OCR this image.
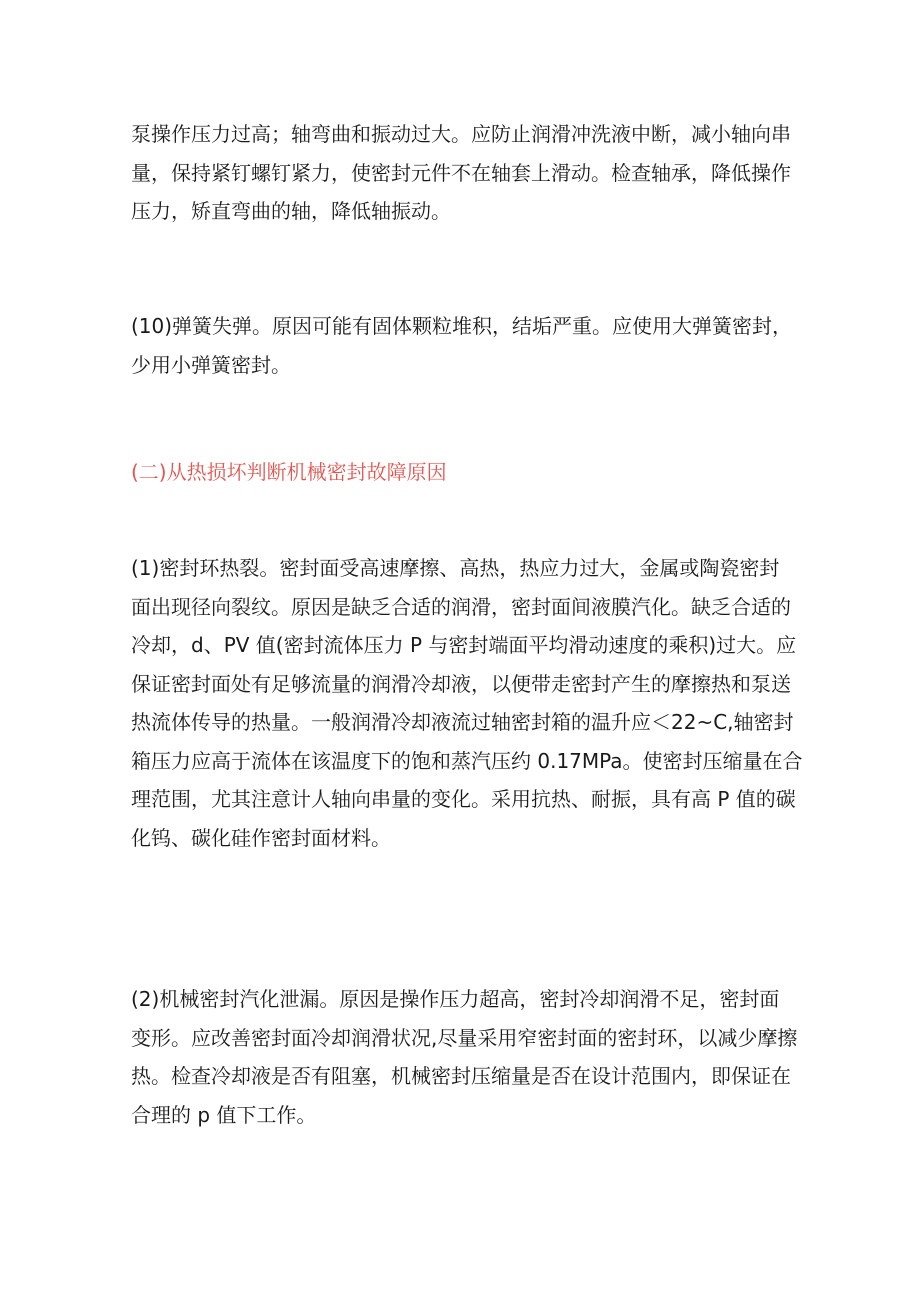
泵操作压力过高；轴弯曲和振动过大。应防止润滑冲洗液中断，减小轴向串
量，保持紧钉螺钉紧力，使密封元件不在轴套上滑动。检查轴承，降低操作
压力，矫直弯曲的轴，降低轴振动。

(10)弹簧失弹。原因可能有固体颗粒堆积，结垢严重。应使用大弹簧密封，
少用小弹簧密封。

(二)从热损坏判断机械密封故障原因

(1)密封环热裂。密封面受高速摩擦、高热，热应力过大，金属或陶瓷密封
面出现径向裂纹。原因是缺乏合适的润滑，密封面间液膜汽化。缺乏合适的
冷却，d、PV 值(密封流体压力 P 与密封端面平均滑动速度的乘积)过大。应
保证密封面处有足够流量的润滑冷却液，以便带走密封产生的摩擦热和泵送
热流体传导的热量。一般润滑冷却液流过轴密封箱的温升应＜22~C,轴密封
箱压力应高于流体在该温度下的饱和蒸汽压约 0.17MPa。使密封压缩量在合
理范围，尤其注意计人轴向串量的变化。采用抗热、耐振，具有高 P 值的碳
化钨、碳化硅作密封面材料。

(2)机械密封汽化泄漏。原因是操作压力超高，密封冷却润滑不足，密封面
变形。应改善密封面冷却润滑状况,尽量采用窄密封面的密封环，以减少摩擦
热。检查冷却液是否有阻塞，机械密封压缩量是否在设计范围内，即保证在
合理的 p 值下工作。
